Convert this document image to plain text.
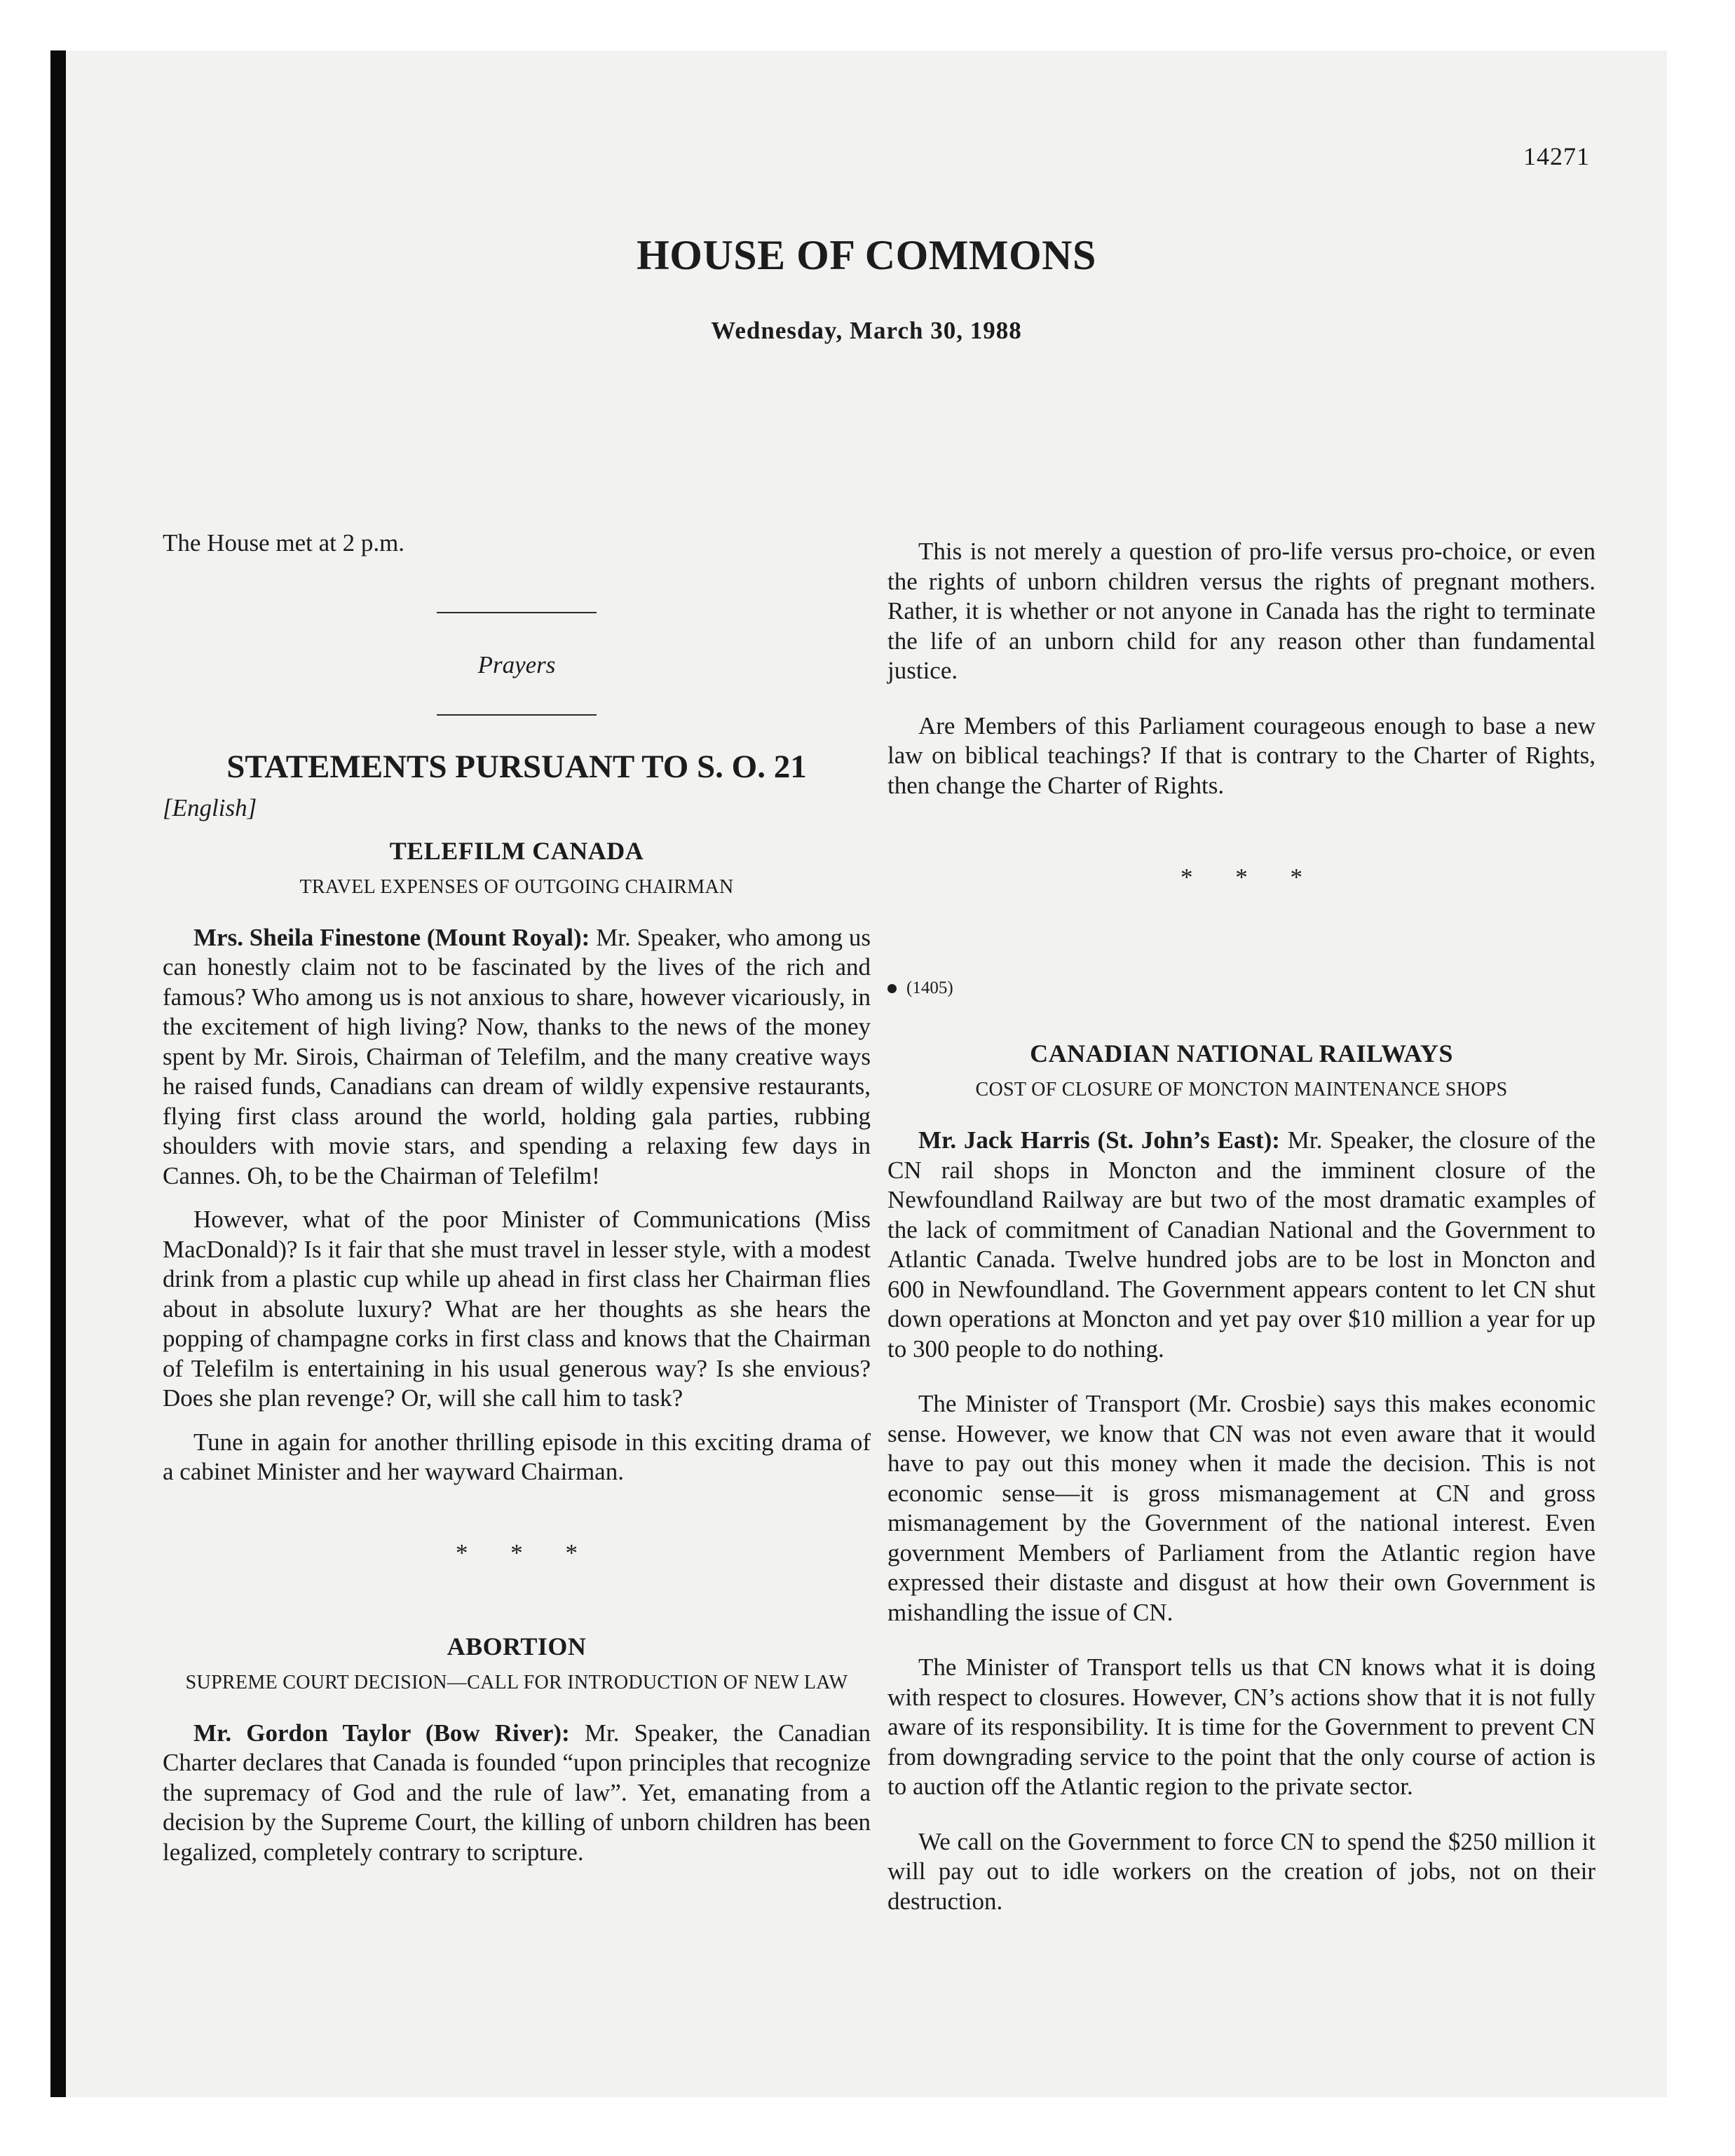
14271
HOUSE OF COMMONS
Wednesday, March 30, 1988

The House met at 2 p.m.

Prayers
STATEMENTS PURSUANT TO S. O. 21
[English]
TELEFILM CANADA
TRAVEL EXPENSES OF OUTGOING CHAIRMAN

Mrs. Sheila Finestone (Mount Royal): Mr. Speaker, who among us can honestly claim not to be fascinated by the lives of the rich and famous? Who among us is not anxious to share, however vicariously, in the excitement of high living? Now, thanks to the news of the money spent by Mr. Sirois, Chairman of Telefilm, and the many creative ways he raised funds, Canadians can dream of wildly expensive restaurants, flying first class around the world, holding gala parties, rubbing shoulders with movie stars, and spending a relaxing few days in Cannes. Oh, to be the Chairman of Telefilm!

However, what of the poor Minister of Communications (Miss MacDonald)? Is it fair that she must travel in lesser style, with a modest drink from a plastic cup while up ahead in first class her Chairman flies about in absolute luxury? What are her thoughts as she hears the popping of champagne corks in first class and knows that the Chairman of Telefilm is entertaining in his usual generous way? Is she envious? Does she plan revenge? Or, will she call him to task?

Tune in again for another thrilling episode in this exciting drama of a cabinet Minister and her wayward Chairman.

* * *
ABORTION
SUPREME COURT DECISION—CALL FOR INTRODUCTION OF NEW LAW

Mr. Gordon Taylor (Bow River): Mr. Speaker, the Canadian Charter declares that Canada is founded “upon principles that recognize the supremacy of God and the rule of law”. Yet, emanating from a decision by the Supreme Court, the killing of unborn children has been legalized, completely contrary to scripture.

This is not merely a question of pro-life versus pro-choice, or even the rights of unborn children versus the rights of pregnant mothers. Rather, it is whether or not anyone in Canada has the right to terminate the life of an unborn child for any reason other than fundamental justice.

Are Members of this Parliament courageous enough to base a new law on biblical teachings? If that is contrary to the Charter of Rights, then change the Charter of Rights.

* * *
(1405)
CANADIAN NATIONAL RAILWAYS
COST OF CLOSURE OF MONCTON MAINTENANCE SHOPS

Mr. Jack Harris (St. John’s East): Mr. Speaker, the closure of the CN rail shops in Moncton and the imminent closure of the Newfoundland Railway are but two of the most dramatic examples of the lack of commitment of Canadian National and the Government to Atlantic Canada. Twelve hundred jobs are to be lost in Moncton and 600 in Newfoundland. The Government appears content to let CN shut down operations at Moncton and yet pay over $10 million a year for up to 300 people to do nothing.

The Minister of Transport (Mr. Crosbie) says this makes economic sense. However, we know that CN was not even aware that it would have to pay out this money when it made the decision. This is not economic sense—it is gross mismanagement at CN and gross mismanagement by the Government of the national interest. Even government Members of Parliament from the Atlantic region have expressed their distaste and disgust at how their own Government is mishandling the issue of CN.

The Minister of Transport tells us that CN knows what it is doing with respect to closures. However, CN’s actions show that it is not fully aware of its responsibility. It is time for the Government to prevent CN from downgrading service to the point that the only course of action is to auction off the Atlantic region to the private sector.

We call on the Government to force CN to spend the $250 million it will pay out to idle workers on the creation of jobs, not on their destruction.
